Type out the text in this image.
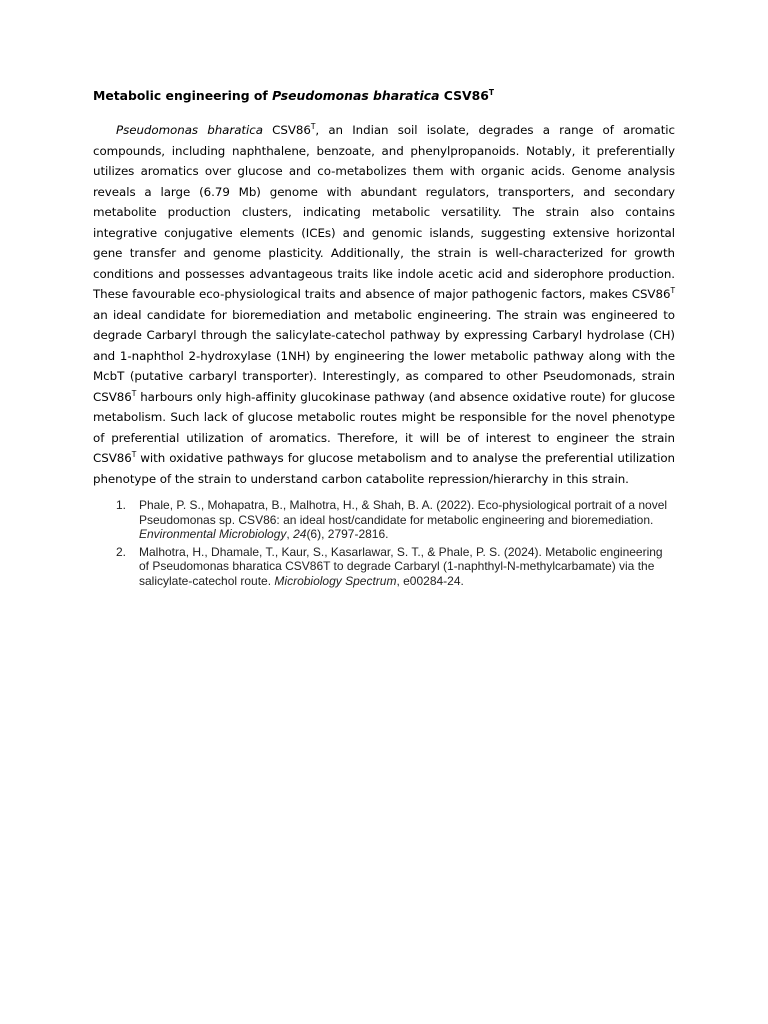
Metabolic engineering of Pseudomonas bharatica $CSV86^T$

Pseudomonas bharatica $CSV86^T$, an Indian soil isolate, degrades a range of aromatic compounds, including naphthalene, benzoate, and phenylpropanoids. Notably, it preferentially utilizes aromatics over glucose and co-metabolizes them with organic acids. Genome analysis reveals a large (6.79 Mb) genome with abundant regulators, transporters, and secondary metabolite production clusters, indicating metabolic versatility. The strain also contains integrative conjugative elements (ICEs) and genomic islands, suggesting extensive horizontal gene transfer and genome plasticity. Additionally, the strain is well-characterized for growth conditions and possesses advantageous traits like indole acetic acid and siderophore production. These favourable eco-physiological traits and absence of major pathogenic factors, makes $CSV86^T$ an ideal candidate for bioremediation and metabolic engineering. The strain was engineered to degrade Carbaryl through the salicylate-catechol pathway by expressing Carbaryl hydrolase (CH) and 1-naphthol 2-hydroxylase (1NH) by engineering the lower metabolic pathway along with the McbT (putative carbaryl transporter). Interestingly, as compared to other Pseudomonads, strain $CSV86^T$ harbours only high-affinity glucokinase pathway (and absence oxidative route) for glucose metabolism. Such lack of glucose metabolic routes might be responsible for the novel phenotype of preferential utilization of aromatics. Therefore, it will be of interest to engineer the strain $CSV86^T$ with oxidative pathways for glucose metabolism and to analyse the preferential utilization phenotype of the strain to understand carbon catabolite repression/hierarchy in this strain.

1. Phale, P. S., Mohapatra, B., Malhotra, H., & Shah, B. A. (2022). Eco-physiological portrait of a novel Pseudomonas sp. CSV86: an ideal host/candidate for metabolic engineering and bioremediation. Environmental Microbiology, 24(6), 2797-2816.
2. Malhotra, H., Dhamale, T., Kaur, S., Kasarlawar, S. T., & Phale, P. S. (2024). Metabolic engineering of Pseudomonas bharatica CSV86T to degrade Carbaryl (1-naphthyl-N-methylcarbamate) via the salicylate-catechol route. Microbiology Spectrum, e00284-24.
